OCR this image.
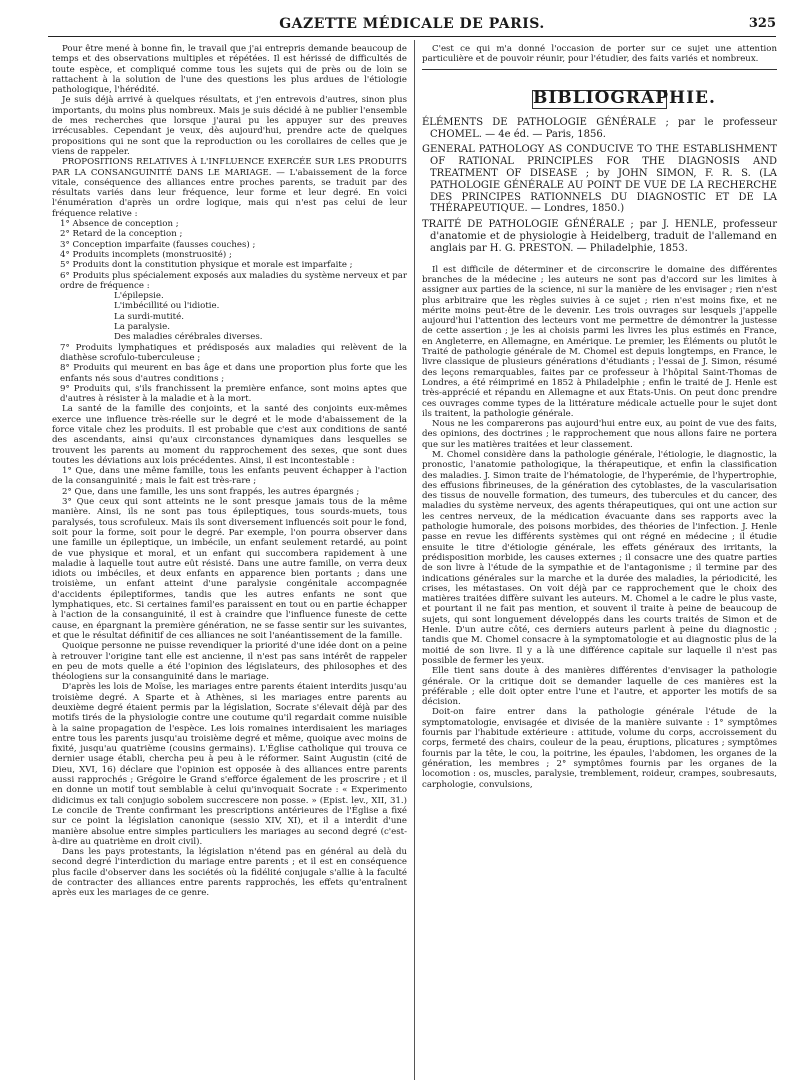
GAZETTE MÉDICALE DE PARIS.	325

Pour être mené à bonne fin, le travail que j'ai entrepris demande beaucoup de temps et des observations multiples et répétées. Il est hérissé de difficultés de toute espèce, et compliqué comme tous les sujets qui de près ou de loin se rattachent à la solution de l'une des questions les plus ardues de l'étiologie pathologique, l'hérédité.

Je suis déjà arrivé à quelques résultats, et j'en entrevois d'autres, sinon plus importants, du moins plus nombreux. Mais je suis décidé à ne publier l'ensemble de mes recherches que lorsque j'aurai pu les appuyer sur des preuves irrécusables. Cependant je veux, dès aujourd'hui, prendre acte de quelques propositions qui ne sont que la reproduction ou les corollaires de celles que je viens de rappeler.

PROPOSITIONS RELATIVES À L'INFLUENCE EXERCÉE SUR LES PRODUITS PAR LA CONSANGUINITÉ DANS LE MARIAGE. — L'abaissement de la force vitale, conséquence des alliances entre proches parents, se traduit par des résultats variés dans leur fréquence, leur forme et leur degré. En voici l'énumération d'après un ordre logique, mais qui n'est pas celui de leur fréquence relative :

1° Absence de conception ;
2° Retard de la conception ;
3° Conception imparfaite (fausses couches) ;
4° Produits incomplets (monstruosité) ;
5° Produits dont la constitution physique et morale est imparfaite ;
6° Produits plus spécialement exposés aux maladies du système nerveux et par ordre de fréquence :
L'épilepsie.
L'imbécillité ou l'idiotie.
La surdi-mutité.
La paralysie.
Des maladies cérébrales diverses.
7° Produits lymphatiques et prédisposés aux maladies qui relèvent de la diathèse scrofulo-tuberculeuse ;
8° Produits qui meurent en bas âge et dans une proportion plus forte que les enfants nés sous d'autres conditions ;
9° Produits qui, s'ils franchissent la première enfance, sont moins aptes que d'autres à résister à la maladie et à la mort.

La santé de la famille des conjoints, et la santé des conjoints eux-mêmes exerce une influence très-réelle sur le degré et le mode d'abaissement de la force vitale chez les produits. Il est probable que c'est aux conditions de santé des ascendants, ainsi qu'aux circonstances dynamiques dans lesquelles se trouvent les parents au moment du rapprochement des sexes, que sont dues toutes les déviations aux lois précédentes. Ainsi, il est incontestable :

1° Que, dans une même famille, tous les enfants peuvent échapper à l'action de la consanguinité ; mais le fait est très-rare ;

2° Que, dans une famille, les uns sont frappés, les autres épargnés ;

3° Que ceux qui sont atteints ne le sont presque jamais tous de la même manière. Ainsi, ils ne sont pas tous épileptiques, tous sourds-muets, tous paralysés, tous scrofuleux. Mais ils sont diversement influencés soit pour le fond, soit pour la forme, soit pour le degré. Par exemple, l'on pourra observer dans une famille un épileptique, un imbécile, un enfant seulement retardé, au point de vue physique et moral, et un enfant qui succombera rapidement à une maladie à laquelle tout autre eût résisté. Dans une autre famille, on verra deux idiots ou imbéciles, et deux enfants en apparence bien portants ; dans une troisième, un enfant atteint d'une paralysie congénitale accompagnée d'accidents épileptiformes, tandis que les autres enfants ne sont que lymphatiques, etc. Si certaines famil'es paraissent en tout ou en partie échapper à l'action de la consanguinité, il est à craindre que l'influence funeste de cette cause, en épargnant la première génération, ne se fasse sentir sur les suivantes, et que le résultat définitif de ces alliances ne soit l'anéantissement de la famille.

Quoique personne ne puisse revendiquer la priorité d'une idée dont on a peine à retrouver l'origine tant elle est ancienne, il n'est pas sans intérêt de rappeler en peu de mots quelle a été l'opinion des législateurs, des philosophes et des théologiens sur la consanguinité dans le mariage.

D'après les lois de Moïse, les mariages entre parents étaient interdits jusqu'au troisième degré. A Sparte et à Athènes, si les mariages entre parents au deuxième degré étaient permis par la législation, Socrate s'élevait déjà par des motifs tirés de la physiologie contre une coutume qu'il regardait comme nuisible à la saine propagation de l'espèce. Les lois romaines interdisaient les mariages entre tous les parents jusqu'au troisième degré et même, quoique avec moins de fixité, jusqu'au quatrième (cousins germains). L'Église catholique qui trouva ce dernier usage établi, chercha peu à peu à le réformer. Saint Augustin (cité de Dieu, XVI, 16) déclare que l'opinion est opposée à des alliances entre parents aussi rapprochés ; Grégoire le Grand s'efforce également de les proscrire ; et il en donne un motif tout semblable à celui qu'invoquait Socrate : « Experimento didicimus ex tali conjugio sobolem succrescere non posse. » (Epist. lev., XII, 31.) Le concile de Trente confirmant les prescriptions antérieures de l'Église a fixé sur ce point la législation canonique (sessio XIV, XI), et il a interdit d'une manière absolue entre simples particuliers les mariages au second degré (c'est-à-dire au quatrième en droit civil).

Dans les pays protestants, la législation n'étend pas en général au delà du second degré l'interdiction du mariage entre parents ; et il est en conséquence plus facile d'observer dans les sociétés où la fidélité conjugale s'allie à la faculté de contracter des alliances entre parents rapprochés, les effets qu'entraînent après eux les mariages de ce genre.

C'est ce qui m'a donné l'occasion de porter sur ce sujet une attention particulière et de pouvoir réunir, pour l'étudier, des faits variés et nombreux.

BIBLIOGRAPHIE.
ÉLÉMENTS DE PATHOLOGIE GÉNÉRALE ; par le professeur CHOMEL. — 4e éd. — Paris, 1856.
GENERAL PATHOLOGY AS CONDUCIVE TO THE ESTABLISHMENT OF RATIONAL PRINCIPLES FOR THE DIAGNOSIS AND TREATMENT OF DISEASE ; by JOHN SIMON, F. R. S. (LA PATHOLOGIE GÉNÉRALE AU POINT DE VUE DE LA RECHERCHE DES PRINCIPES RATIONNELS DU DIAGNOSTIC ET DE LA THÉRAPEUTIQUE. — Londres, 1850.)
TRAITÉ DE PATHOLOGIE GÉNÉRALE ; par J. HENLE, professeur d'anatomie et de physiologie à Heidelberg, traduit de l'allemand en anglais par H. G. PRESTON. — Philadelphie, 1853.

Il est difficile de déterminer et de circonscrire le domaine des différentes branches de la médecine ; les auteurs ne sont pas d'accord sur les limites à assigner aux parties de la science, ni sur la manière de les envisager ; rien n'est plus arbitraire que les règles suivies à ce sujet ; rien n'est moins fixe, et ne mérite moins peut-être de le devenir. Les trois ouvrages sur lesquels j'appelle aujourd'hui l'attention des lecteurs vont me permettre de démontrer la justesse de cette assertion ; je les ai choisis parmi les livres les plus estimés en France, en Angleterre, en Allemagne, en Amérique. Le premier, les Éléments ou plutôt le Traité de pathologie générale de M. Chomel est depuis longtemps, en France, le livre classique de plusieurs générations d'étudiants ; l'essai de J. Simon, résumé des leçons remarquables, faites par ce professeur à l'hôpital Saint-Thomas de Londres, a été réimprimé en 1852 à Philadelphie ; enfin le traité de J. Henle est très-apprécié et répandu en Allemagne et aux États-Unis. On peut donc prendre ces ouvrages comme types de la littérature médicale actuelle pour le sujet dont ils traitent, la pathologie générale.

Nous ne les comparerons pas aujourd'hui entre eux, au point de vue des faits, des opinions, des doctrines ; le rapprochement que nous allons faire ne portera que sur les matières traitées et leur classement.

M. Chomel considère dans la pathologie générale, l'étiologie, le diagnostic, la pronostic, l'anatomie pathologique, la thérapeutique, et enfin la classification des maladies. J. Simon traite de l'hématologie, de l'hyperémie, de l'hypertrophie, des effusions fibrineuses, de la génération des cytoblastes, de la vascularisation des tissus de nouvelle formation, des tumeurs, des tubercules et du cancer, des maladies du système nerveux, des agents thérapeutiques, qui ont une action sur les centres nerveux, de la médication évacuante dans ses rapports avec la pathologie humorale, des poisons morbides, des théories de l'infection. J. Henle passe en revue les différents systèmes qui ont régné en médecine ; il étudie ensuite le titre d'étiologie générale, les effets généraux des irritants, la prédisposition morbide, les causes externes ; il consacre une des quatre parties de son livre à l'étude de la sympathie et de l'antagonisme ; il termine par des indications générales sur la marche et la durée des maladies, la périodicité, les crises, les métastases. On voit déjà par ce rapprochement que le choix des matières traitées diffère suivant les auteurs. M. Chomel a le cadre le plus vaste, et pourtant il ne fait pas mention, et souvent il traite à peine de beaucoup de sujets, qui sont longuement développés dans les courts traités de Simon et de Henle. D'un autre côté, ces derniers auteurs parlent à peine du diagnostic ; tandis que M. Chomel consacre à la symptomatologie et au diagnostic plus de la moitié de son livre. Il y a là une différence capitale sur laquelle il n'est pas possible de fermer les yeux.

Elle tient sans doute à des manières différentes d'envisager la pathologie générale. Or la critique doit se demander laquelle de ces manières est la préférable ; elle doit opter entre l'une et l'autre, et apporter les motifs de sa décision.

Doit-on faire entrer dans la pathologie générale l'étude de la symptomatologie, envisagée et divisée de la manière suivante : 1° symptômes fournis par l'habitude extérieure : attitude, volume du corps, accroissement du corps, fermeté des chairs, couleur de la peau, éruptions, plicatures ; symptômes fournis par la tête, le cou, la poitrine, les épaules, l'abdomen, les organes de la génération, les membres ; 2° symptômes fournis par les organes de la locomotion : os, muscles, paralysie, tremblement, roideur, crampes, soubresauts, carphologie, convulsions,
